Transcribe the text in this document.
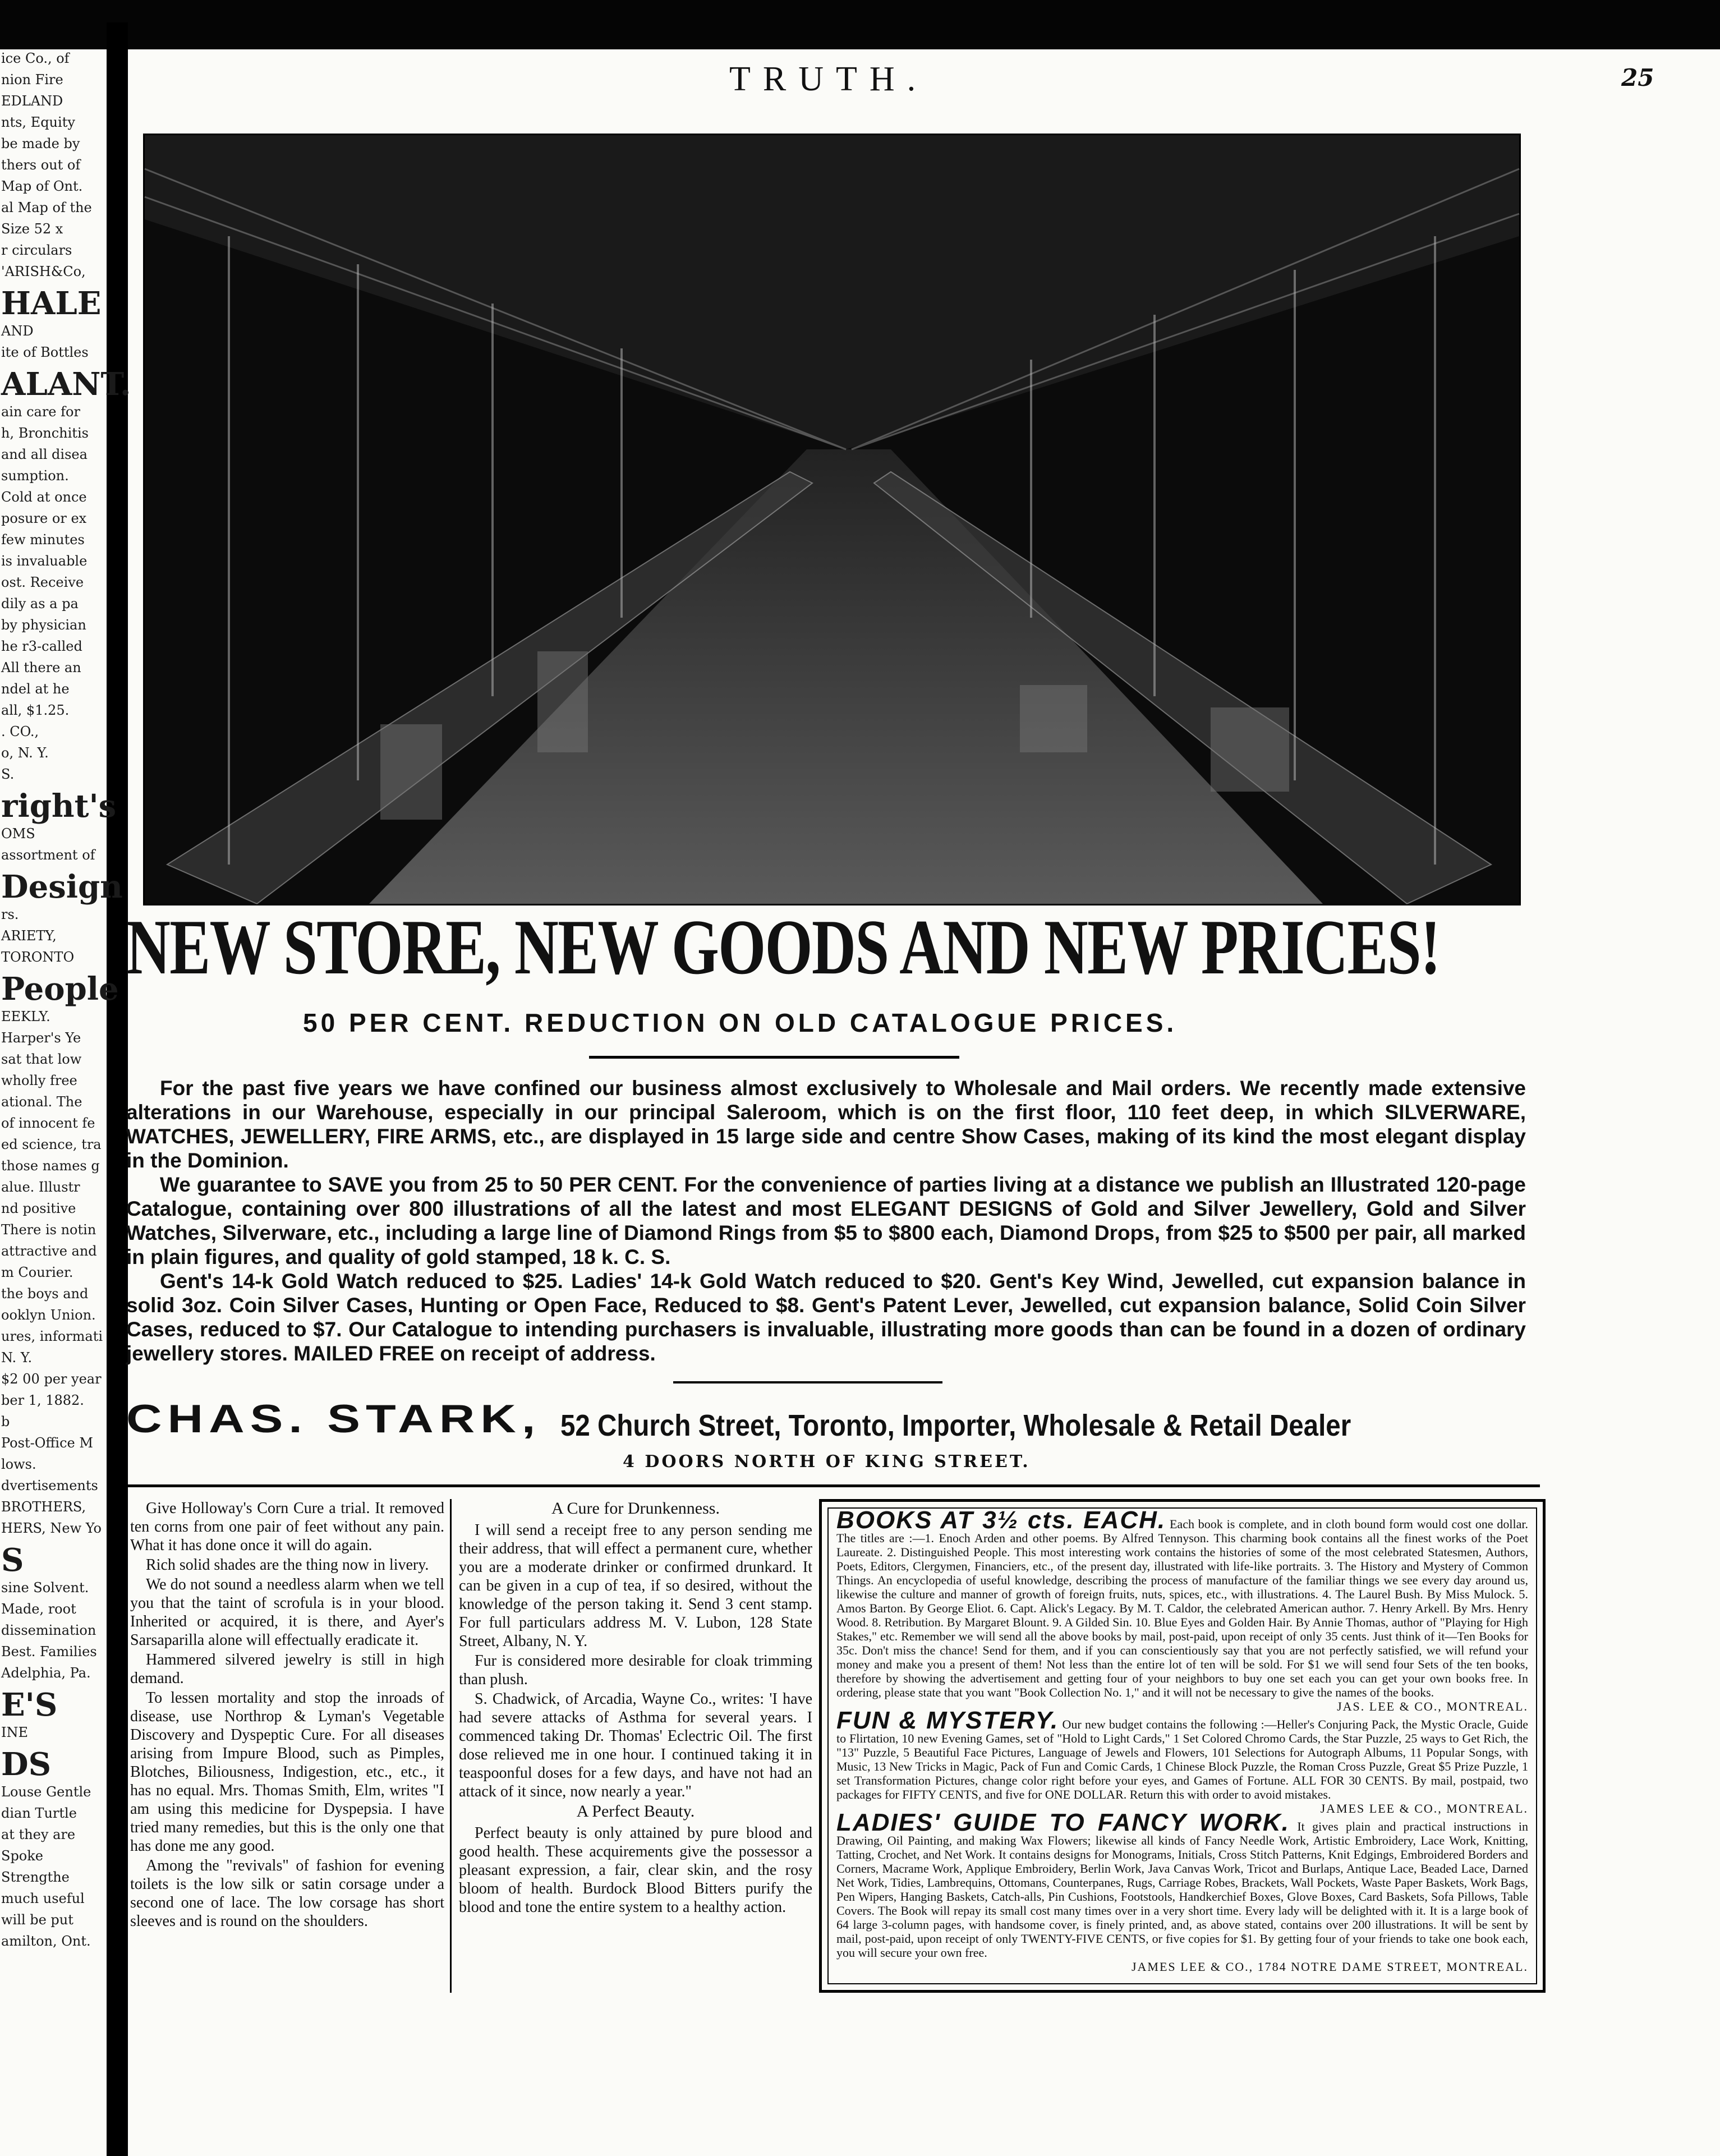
ice Co., of
nion Fire
EDLAND
nts, Equity
be made by
thers out of
Map of Ont.
al Map of the
Size 52 x
r circulars
'ARISH&Co,
HALE
AND
ite of Bottles
ALANT.
ain care for
h, Bronchitis
and all disea
sumption.
Cold at once
posure or ex
few minutes
is invaluable
ost. Receive
dily as a pa
by physician
he r3-called
All there an
ndel at he
all, $1.25.
. CO.,
o, N. Y.
S.
right's
OMS
assortment of
Design
rs.
ARIETY,
TORONTO
People
EEKLY.
Harper's Ye
sat that low
wholly free
ational. The
of innocent fe
ed science, tra
those names g
alue. Illustr
nd positive
There is notin
attractive and
m Courier.
the boys and
ooklyn Union.
ures, informati
N. Y.
$2 00 per year
ber 1, 1882.
b
Post-Office M
lows.
dvertisements
BROTHERS,
HERS, New Yo
S
sine Solvent.
Made, root
dissemination
Best. Families
Adelphia, Pa.
E'S
INE
DS
Louse Gentle
dian Turtle
at they are
Spoke
Strengthe
much useful
will be put
amilton, Ont.
TRUTH.	25
NEW STORE, NEW GOODS AND NEW PRICES!
50 PER CENT. REDUCTION ON OLD CATALOGUE PRICES.

For the past five years we have confined our business almost exclusively to Wholesale and Mail orders. We recently made extensive alterations in our Warehouse, especially in our principal Saleroom, which is on the first floor, 110 feet deep, in which SILVERWARE, WATCHES, JEWELLERY, FIRE ARMS, etc., are displayed in 15 large side and centre Show Cases, making of its kind the most elegant display in the Dominion.

We guarantee to SAVE you from 25 to 50 PER CENT. For the convenience of parties living at a distance we publish an Illustrated 120-page Catalogue, containing over 800 illustrations of all the latest and most ELEGANT DESIGNS of Gold and Silver Jewellery, Gold and Silver Watches, Silverware, etc., including a large line of Diamond Rings from $5 to $800 each, Diamond Drops, from $25 to $500 per pair, all marked in plain figures, and quality of gold stamped, 18 k. C. S.

Gent's 14-k Gold Watch reduced to $25. Ladies' 14-k Gold Watch reduced to $20. Gent's Key Wind, Jewelled, cut expansion balance in solid 3oz. Coin Silver Cases, Hunting or Open Face, Reduced to $8. Gent's Patent Lever, Jewelled, cut expansion balance, Solid Coin Silver Cases, reduced to $7. Our Catalogue to intending purchasers is invaluable, illustrating more goods than can be found in a dozen of ordinary jewellery stores. MAILED FREE on receipt of address.

CHAS. STARK, 52 Church Street, Toronto, Importer, Wholesale & Retail Dealer
4 DOORS NORTH OF KING STREET.

Give Holloway's Corn Cure a trial. It removed ten corns from one pair of feet without any pain. What it has done once it will do again.

Rich solid shades are the thing now in livery.

We do not sound a needless alarm when we tell you that the taint of scrofula is in your blood. Inherited or acquired, it is there, and Ayer's Sarsaparilla alone will effectually eradicate it.

Hammered silvered jewelry is still in high demand.

To lessen mortality and stop the inroads of disease, use Northrop & Lyman's Vegetable Discovery and Dyspeptic Cure. For all diseases arising from Impure Blood, such as Pimples, Blotches, Biliousness, Indigestion, etc., etc., it has no equal. Mrs. Thomas Smith, Elm, writes "I am using this medicine for Dyspepsia. I have tried many remedies, but this is the only one that has done me any good.

Among the "revivals" of fashion for evening toilets is the low silk or satin corsage under a second one of lace. The low corsage has short sleeves and is round on the shoulders.

A Cure for Drunkenness.

I will send a receipt free to any person sending me their address, that will effect a permanent cure, whether you are a moderate drinker or confirmed drunkard. It can be given in a cup of tea, if so desired, without the knowledge of the person taking it. Send 3 cent stamp. For full particulars address M. V. Lubon, 128 State Street, Albany, N. Y.

Fur is considered more desirable for cloak trimming than plush.

S. Chadwick, of Arcadia, Wayne Co., writes: 'I have had severe attacks of Asthma for several years. I commenced taking Dr. Thomas' Eclectric Oil. The first dose relieved me in one hour. I continued taking it in teaspoonful doses for a few days, and have not had an attack of it since, now nearly a year."

A Perfect Beauty.

Perfect beauty is only attained by pure blood and good health. These acquirements give the possessor a pleasant expression, a fair, clear skin, and the rosy bloom of health. Burdock Blood Bitters purify the blood and tone the entire system to a healthy action.

BOOKS AT 3½ cts. EACH. Each book is complete, and in cloth bound form would cost one dollar. The titles are :—1. Enoch Arden and other poems. By Alfred Tennyson. This charming book contains all the finest works of the Poet Laureate. 2. Distinguished People. This most interesting work contains the histories of some of the most celebrated Statesmen, Authors, Poets, Editors, Clergymen, Financiers, etc., of the present day, illustrated with life-like portraits. 3. The History and Mystery of Common Things. An encyclopedia of useful knowledge, describing the process of manufacture of the familiar things we see every day around us, likewise the culture and manner of growth of foreign fruits, nuts, spices, etc., with illustrations. 4. The Laurel Bush. By Miss Mulock. 5. Amos Barton. By George Eliot. 6. Capt. Alick's Legacy. By M. T. Caldor, the celebrated American author. 7. Henry Arkell. By Mrs. Henry Wood. 8. Retribution. By Margaret Blount. 9. A Gilded Sin. 10. Blue Eyes and Golden Hair. By Annie Thomas, author of "Playing for High Stakes," etc. Remember we will send all the above books by mail, post-paid, upon receipt of only 35 cents. Just think of it—Ten Books for 35c. Don't miss the chance! Send for them, and if you can conscientiously say that you are not perfectly satisfied, we will refund your money and make you a present of them! Not less than the entire lot of ten will be sold. For $1 we will send four Sets of the ten books, therefore by showing the advertisement and getting four of your neighbors to buy one set each you can get your own books free. In ordering, please state that you want "Book Collection No. 1," and it will not be necessary to give the names of the books.
JAS. LEE & CO., MONTREAL.
FUN & MYSTERY. Our new budget contains the following :—Heller's Conjuring Pack, the Mystic Oracle, Guide to Flirtation, 10 new Evening Games, set of "Hold to Light Cards," 1 Set Colored Chromo Cards, the Star Puzzle, 25 ways to Get Rich, the "13" Puzzle, 5 Beautiful Face Pictures, Language of Jewels and Flowers, 101 Selections for Autograph Albums, 11 Popular Songs, with Music, 13 New Tricks in Magic, Pack of Fun and Comic Cards, 1 Chinese Block Puzzle, the Roman Cross Puzzle, Great $5 Prize Puzzle, 1 set Transformation Pictures, change color right before your eyes, and Games of Fortune. ALL FOR 30 CENTS. By mail, postpaid, two packages for FIFTY CENTS, and five for ONE DOLLAR. Return this with order to avoid mistakes.
JAMES LEE & CO., MONTREAL.
LADIES' GUIDE TO FANCY WORK. It gives plain and practical instructions in Drawing, Oil Painting, and making Wax Flowers; likewise all kinds of Fancy Needle Work, Artistic Embroidery, Lace Work, Knitting, Tatting, Crochet, and Net Work. It contains designs for Monograms, Initials, Cross Stitch Patterns, Knit Edgings, Embroidered Borders and Corners, Macrame Work, Applique Embroidery, Berlin Work, Java Canvas Work, Tricot and Burlaps, Antique Lace, Beaded Lace, Darned Net Work, Tidies, Lambrequins, Ottomans, Counterpanes, Rugs, Carriage Robes, Brackets, Wall Pockets, Waste Paper Baskets, Work Bags, Pen Wipers, Hanging Baskets, Catch-alls, Pin Cushions, Footstools, Handkerchief Boxes, Glove Boxes, Card Baskets, Sofa Pillows, Table Covers. The Book will repay its small cost many times over in a very short time. Every lady will be delighted with it. It is a large book of 64 large 3-column pages, with handsome cover, is finely printed, and, as above stated, contains over 200 illustrations. It will be sent by mail, post-paid, upon receipt of only TWENTY-FIVE CENTS, or five copies for $1. By getting four of your friends to take one book each, you will secure your own free.
JAMES LEE & CO., 1784 NOTRE DAME STREET, MONTREAL.
